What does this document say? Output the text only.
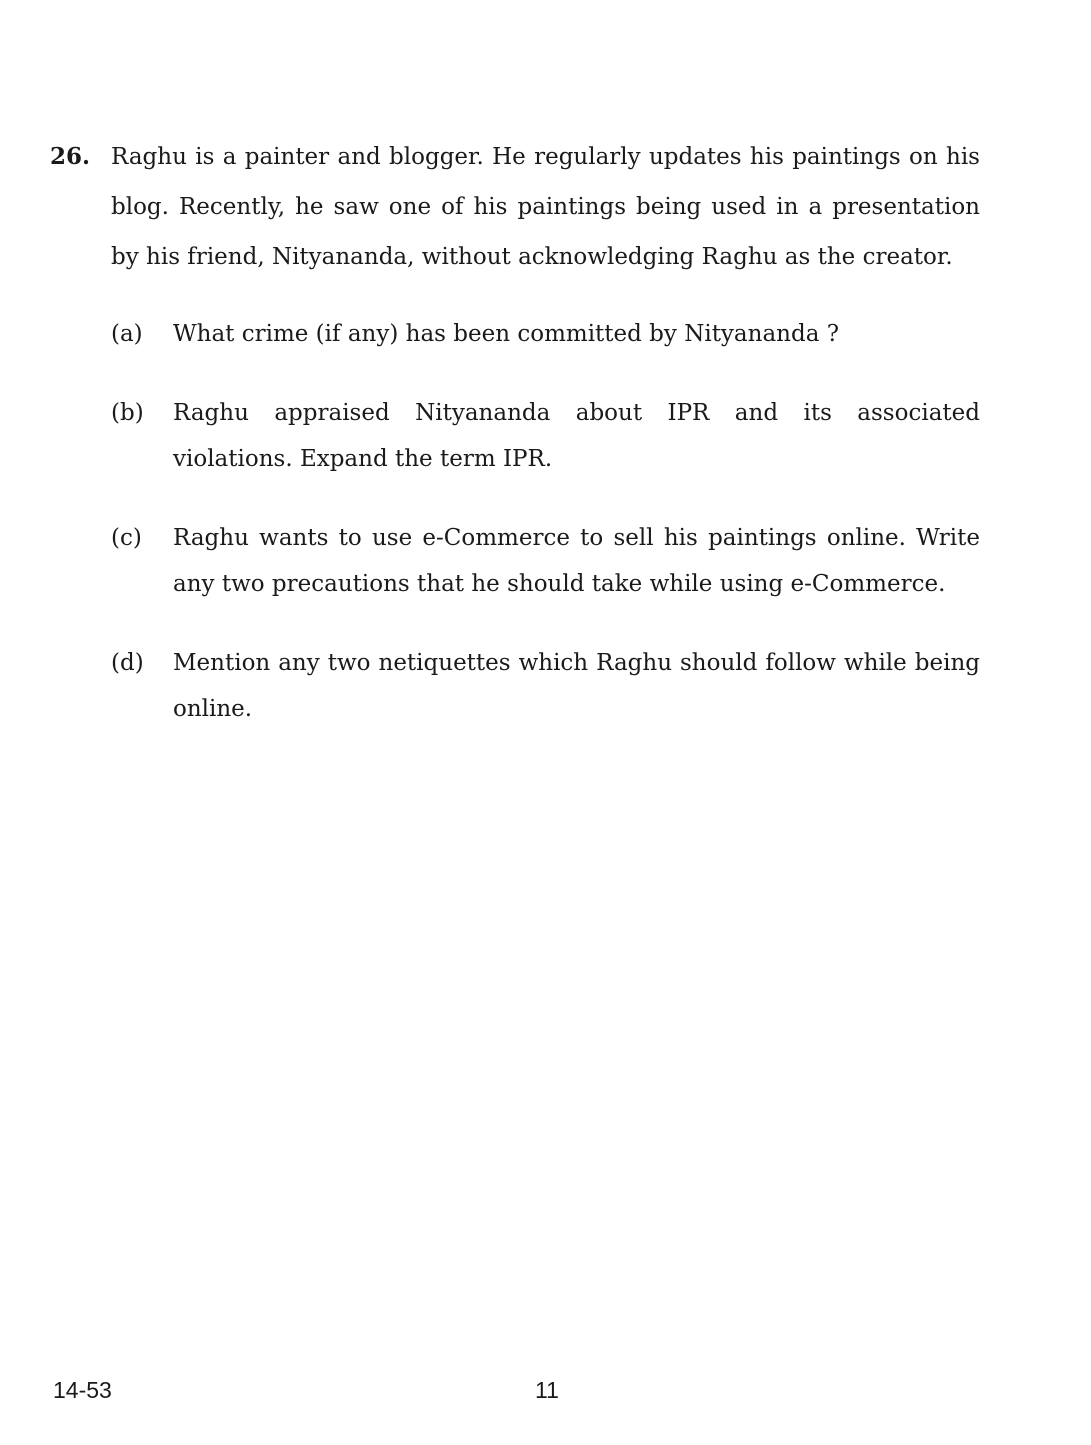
26. Raghu is a painter and blogger. He regularly updates his paintings on his blog. Recently, he saw one of his paintings being used in a presentation by his friend, Nityananda, without acknowledging Raghu as the creator.
(a)	What crime (if any) has been committed by Nityananda ?
(b)	Raghu appraised Nityananda about IPR and its associated violations. Expand the term IPR.
(c)	Raghu wants to use e-Commerce to sell his paintings online. Write any two precautions that he should take while using e-Commerce.
(d)	Mention any two netiquettes which Raghu should follow while being online.
14-53	11
